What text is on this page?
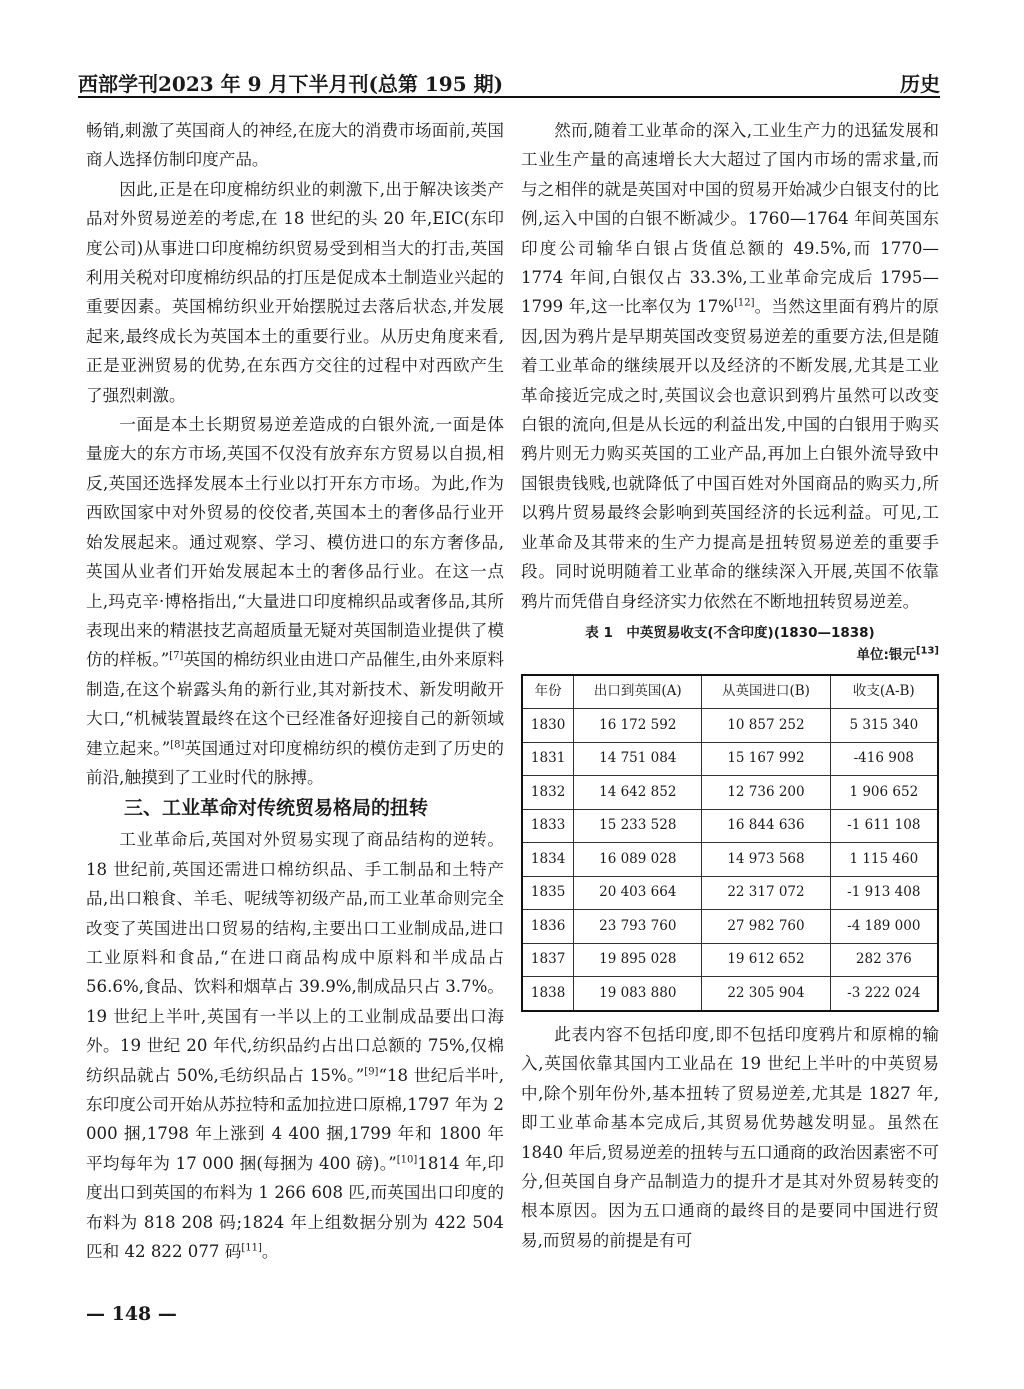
西部学刊2023 年 9 月下半月刊(总第 195 期)	历史

畅销,刺激了英国商人的神经,在庞大的消费市场面前,英国商人选择仿制印度产品。

因此,正是在印度棉纺织业的刺激下,出于解决该类产品对外贸易逆差的考虑,在 18 世纪的头 20 年,EIC(东印度公司)从事进口印度棉纺织贸易受到相当大的打击,英国利用关税对印度棉纺织品的打压是促成本土制造业兴起的重要因素。英国棉纺织业开始摆脱过去落后状态,并发展起来,最终成长为英国本土的重要行业。从历史角度来看,正是亚洲贸易的优势,在东西方交往的过程中对西欧产生了强烈刺激。

一面是本土长期贸易逆差造成的白银外流,一面是体量庞大的东方市场,英国不仅没有放弃东方贸易以自损,相反,英国还选择发展本土行业以打开东方市场。为此,作为西欧国家中对外贸易的佼佼者,英国本土的奢侈品行业开始发展起来。通过观察、学习、模仿进口的东方奢侈品,英国从业者们开始发展起本土的奢侈品行业。在这一点上,玛克辛·博格指出,“大量进口印度棉织品或奢侈品,其所表现出来的精湛技艺高超质量无疑对英国制造业提供了模仿的样板。”[7]英国的棉纺织业由进口产品催生,由外来原料制造,在这个崭露头角的新行业,其对新技术、新发明敞开大口,“机械装置最终在这个已经准备好迎接自己的新领域建立起来。”[8]英国通过对印度棉纺织的模仿走到了历史的前沿,触摸到了工业时代的脉搏。

三、工业革命对传统贸易格局的扭转

工业革命后,英国对外贸易实现了商品结构的逆转。18 世纪前,英国还需进口棉纺织品、手工制品和土特产品,出口粮食、羊毛、呢绒等初级产品,而工业革命则完全改变了英国进出口贸易的结构,主要出口工业制成品,进口工业原料和食品,“在进口商品构成中原料和半成品占 56.6%,食品、饮料和烟草占 39.9%,制成品只占 3.7%。19 世纪上半叶,英国有一半以上的工业制成品要出口海外。19 世纪 20 年代,纺织品约占出口总额的 75%,仅棉纺织品就占 50%,毛纺织品占 15%。”[9]“18 世纪后半叶,东印度公司开始从苏拉特和孟加拉进口原棉,1797 年为 2 000 捆,1798 年上涨到 4 400 捆,1799 年和 1800 年平均每年为 17 000 捆(每捆为 400 磅)。”[10]1814 年,印度出口到英国的布料为 1 266 608 匹,而英国出口印度的布料为 818 208 码;1824 年上组数据分别为 422 504 匹和 42 822 077 码[11]。

然而,随着工业革命的深入,工业生产力的迅猛发展和工业生产量的高速增长大大超过了国内市场的需求量,而与之相伴的就是英国对中国的贸易开始减少白银支付的比例,运入中国的白银不断减少。1760—1764 年间英国东印度公司输华白银占货值总额的 49.5%,而 1770—1774 年间,白银仅占 33.3%,工业革命完成后 1795—1799 年,这一比率仅为 17%[12]。当然这里面有鸦片的原因,因为鸦片是早期英国改变贸易逆差的重要方法,但是随着工业革命的继续展开以及经济的不断发展,尤其是工业革命接近完成之时,英国议会也意识到鸦片虽然可以改变白银的流向,但是从长远的利益出发,中国的白银用于购买鸦片则无力购买英国的工业产品,再加上白银外流导致中国银贵钱贱,也就降低了中国百姓对外国商品的购买力,所以鸦片贸易最终会影响到英国经济的长远利益。可见,工业革命及其带来的生产力提高是扭转贸易逆差的重要手段。同时说明随着工业革命的继续深入开展,英国不依靠鸦片而凭借自身经济实力依然在不断地扭转贸易逆差。

表 1　中英贸易收支(不含印度)(1830—1838)
单位:银元[13]
年份	出口到英国(A)	从英国进口(B)	收支(A-B)
1830	16 172 592	10 857 252	5 315 340
1831	14 751 084	15 167 992	-416 908
1832	14 642 852	12 736 200	1 906 652
1833	15 233 528	16 844 636	-1 611 108
1834	16 089 028	14 973 568	1 115 460
1835	20 403 664	22 317 072	-1 913 408
1836	23 793 760	27 982 760	-4 189 000
1837	19 895 028	19 612 652	282 376
1838	19 083 880	22 305 904	-3 222 024

此表内容不包括印度,即不包括印度鸦片和原棉的输入,英国依靠其国内工业品在 19 世纪上半叶的中英贸易中,除个别年份外,基本扭转了贸易逆差,尤其是 1827 年,即工业革命基本完成后,其贸易优势越发明显。虽然在 1840 年后,贸易逆差的扭转与五口通商的政治因素密不可分,但英国自身产品制造力的提升才是其对外贸易转变的根本原因。因为五口通商的最终目的是要同中国进行贸易,而贸易的前提是有可

— 148 —
